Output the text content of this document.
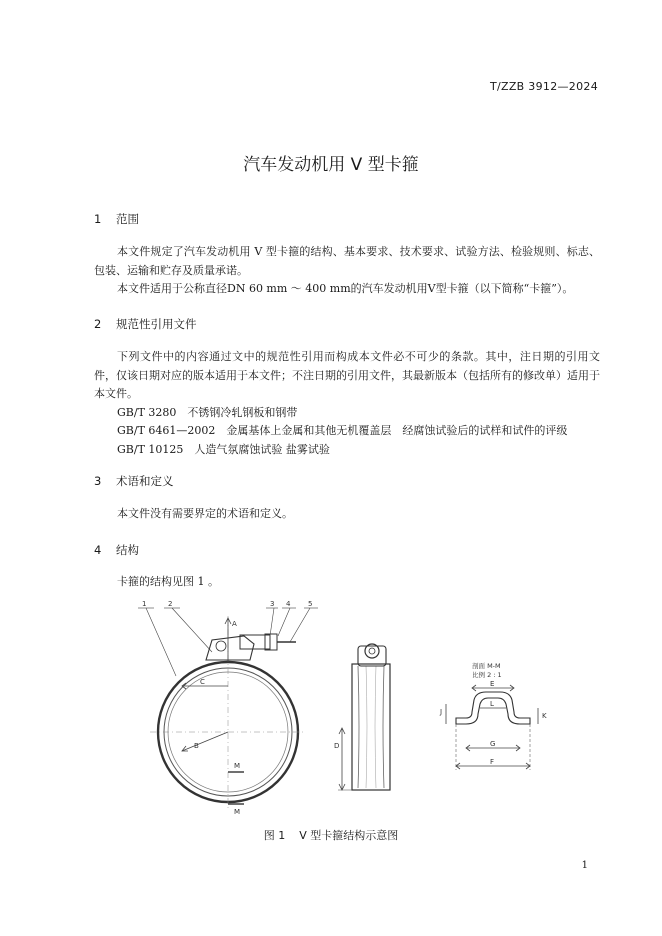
T/ZZB 3912—2024
汽车发动机用 V 型卡箍
1 范围

本文件规定了汽车发动机用 V 型卡箍的结构、基本要求、技术要求、试验方法、检验规则、标志、包装、运输和贮存及质量承诺。

本文件适用于公称直径DN 60 mm ～ 400 mm的汽车发动机用V型卡箍（以下简称“卡箍”）。

2 规范性引用文件

下列文件中的内容通过文中的规范性引用而构成本文件必不可少的条款。其中，注日期的引用文件，仅该日期对应的版本适用于本文件；不注日期的引用文件，其最新版本（包括所有的修改单）适用于本文件。

GB/T 3280　不锈钢冷轧钢板和钢带

GB/T 6461—2002　金属基体上金属和其他无机覆盖层　经腐蚀试验后的试样和试件的评级

GB/T 10125　人造气氛腐蚀试验 盐雾试验

3 术语和定义

本文件没有需要界定的术语和定义。

4 结构

卡箍的结构见图 1 。

1	2	3 4	5
A
C
B
M
M
D
E
L
J	K
G
F
剖面 M-M
比例 2 : 1
图 1 V 型卡箍结构示意图
1
